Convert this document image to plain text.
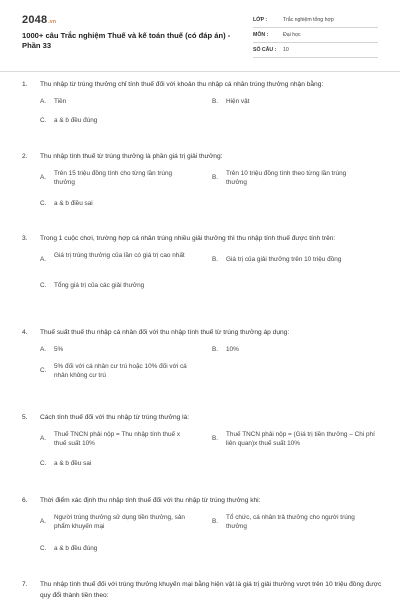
2048.vn
1000+ câu Trắc nghiệm Thuế và kế toán thuế (có đáp án) - Phần 33
LỚP :	Trắc nghiệm tổng hợp
MÔN :	Đại học
SỐ CÂU : 10
1. Thu nhập từ trúng thưởng chỉ tính thuế đối với khoản thu nhập cá nhân trúng thưởng nhận bằng:
A. Tiền	B. Hiện vật
C. a & b đều đúng
2. Thu nhập tính thuế từ trúng thưởng là phần giá trị giải thưởng:
A.
Trên 15 triệu đồng tính cho từng lần trúng thưởng
B.
Trên 10 triệu đồng tính theo từng lần trúng thưởng
C. a & b điều sai
3. Trong 1 cuộc chơi, trường hợp cá nhân trúng nhiều giải thưởng thì thu nhập tính thuế được tính trên:
A.
Giá trị trúng thưởng của lần có giá trị cao nhất
B. Giá trị của giải thưởng trên 10 triệu đồng
C. Tổng giá trị của các giải thưởng
4. Thuế suất thuế thu nhập cá nhân đối với thu nhập tính thuế từ trúng thưởng áp dụng:
A. 5%	B. 10%
C.
5% đối với cá nhân cư trú hoặc 10% đối với cá nhân không cư trú
5. Cách tính thuế đối với thu nhập từ trúng thưởng là:
A.
Thuế TNCN phải nộp = Thu nhập tính thuế x thuế suất 10%
B.
Thuế TNCN phải nộp = (Giá trị tiền thưởng – Chi phí liên quan)x thuế suất 10%
C. a & b đều sai
6. Thời điểm xác định thu nhập tính thuế đối với thu nhập từ trúng thưởng khi:
A.
Người trúng thưởng sử dụng tiền thưởng, sản phẩm khuyến mại
B.
Tổ chức, cá nhân trả thưởng cho người trúng thưởng
C. a & b đều đúng
7. Thu nhập tính thuế đối với trúng thưởng khuyến mại bằng hiện vật là giá trị giải thưởng vượt trên 10 triệu đồng được quy đổi thành tiền theo:
